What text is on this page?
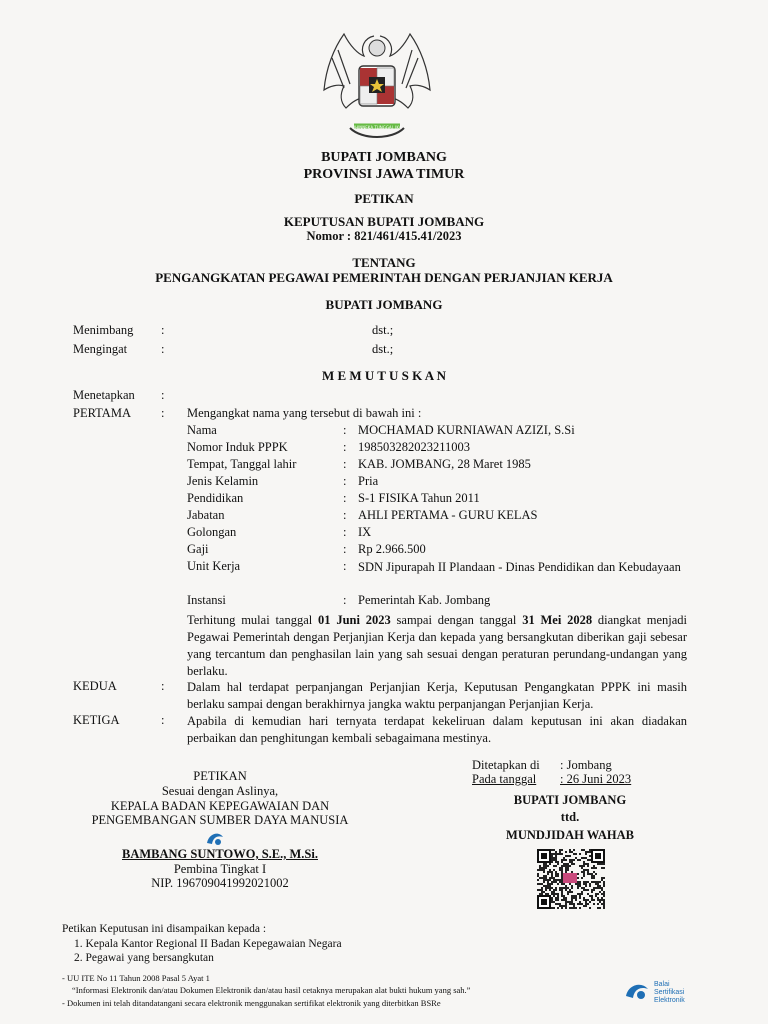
BHINNEKA TUNGGAL IKA
BUPATI JOMBANG
PROVINSI JAWA TIMUR
PETIKAN
KEPUTUSAN BUPATI JOMBANG
Nomor : 821/461/415.41/2023
TENTANG
PENGANGKATAN PEGAWAI PEMERINTAH DENGAN PERJANJIAN KERJA
BUPATI JOMBANG
Menimbang :	dst.;
Mengingat	:	dst.;
M E M U T U S K A N
Menetapkan :
PERTAMA : Mengangkat nama yang tersebut di bawah ini :
Nama	: MOCHAMAD KURNIAWAN AZIZI, S.Si
Nomor Induk PPPK	: 198503282023211003
Tempat, Tanggal lahir	: KAB. JOMBANG, 28 Maret 1985
Jenis Kelamin	: Pria
Pendidikan	: S-1 FISIKA Tahun 2011
Jabatan	: AHLI PERTAMA - GURU KELAS
Golongan	: IX
Gaji	: Rp 2.966.500
Unit Kerja	: SDN Jipurapah II Plandaan - Dinas Pendidikan dan Kebudayaan
Instansi	: Pemerintah Kab. Jombang
Terhitung mulai tanggal 01 Juni 2023 sampai dengan tanggal 31 Mei 2028 diangkat menjadi Pegawai Pemerintah dengan Perjanjian Kerja dan kepada yang bersangkutan diberikan gaji sebesar yang tercantum dan penghasilan lain yang sah sesuai dengan peraturan perundang-undangan yang berlaku.
KEDUA	: Dalam hal terdapat perpanjangan Perjanjian Kerja, Keputusan Pengangkatan PPPK ini masih berlaku sampai dengan berakhirnya jangka waktu perpanjangan Perjanjian Kerja.
KETIGA	: Apabila di kemudian hari ternyata terdapat kekeliruan dalam keputusan ini akan diadakan perbaikan dan penghitungan kembali sebagaimana mestinya.
PETIKAN
Sesuai dengan Aslinya,
KEPALA BADAN KEPEGAWAIAN DAN
PENGEMBANGAN SUMBER DAYA MANUSIA
BAMBANG SUNTOWO, S.E., M.Si.
Pembina Tingkat I
NIP. 196709041992021002
Ditetapkan di : Jombang
Pada tanggal : 26 Juni 2023
BUPATI JOMBANG
ttd.
MUNDJIDAH WAHAB
Petikan Keputusan ini disampaikan kepada :
1. Kepala Kantor Regional II Badan Kepegawaian Negara
2. Pegawai yang bersangkutan
- UU ITE No 11 Tahun 2008 Pasal 5 Ayat 1
“Informasi Elektronik dan/atau Dokumen Elektronik dan/atau hasil cetaknya merupakan alat bukti hukum yang sah.”
- Dokumen ini telah ditandatangani secara elektronik menggunakan sertifikat elektronik yang diterbitkan BSRe
Balai
Sertifikasi
Elektronik
